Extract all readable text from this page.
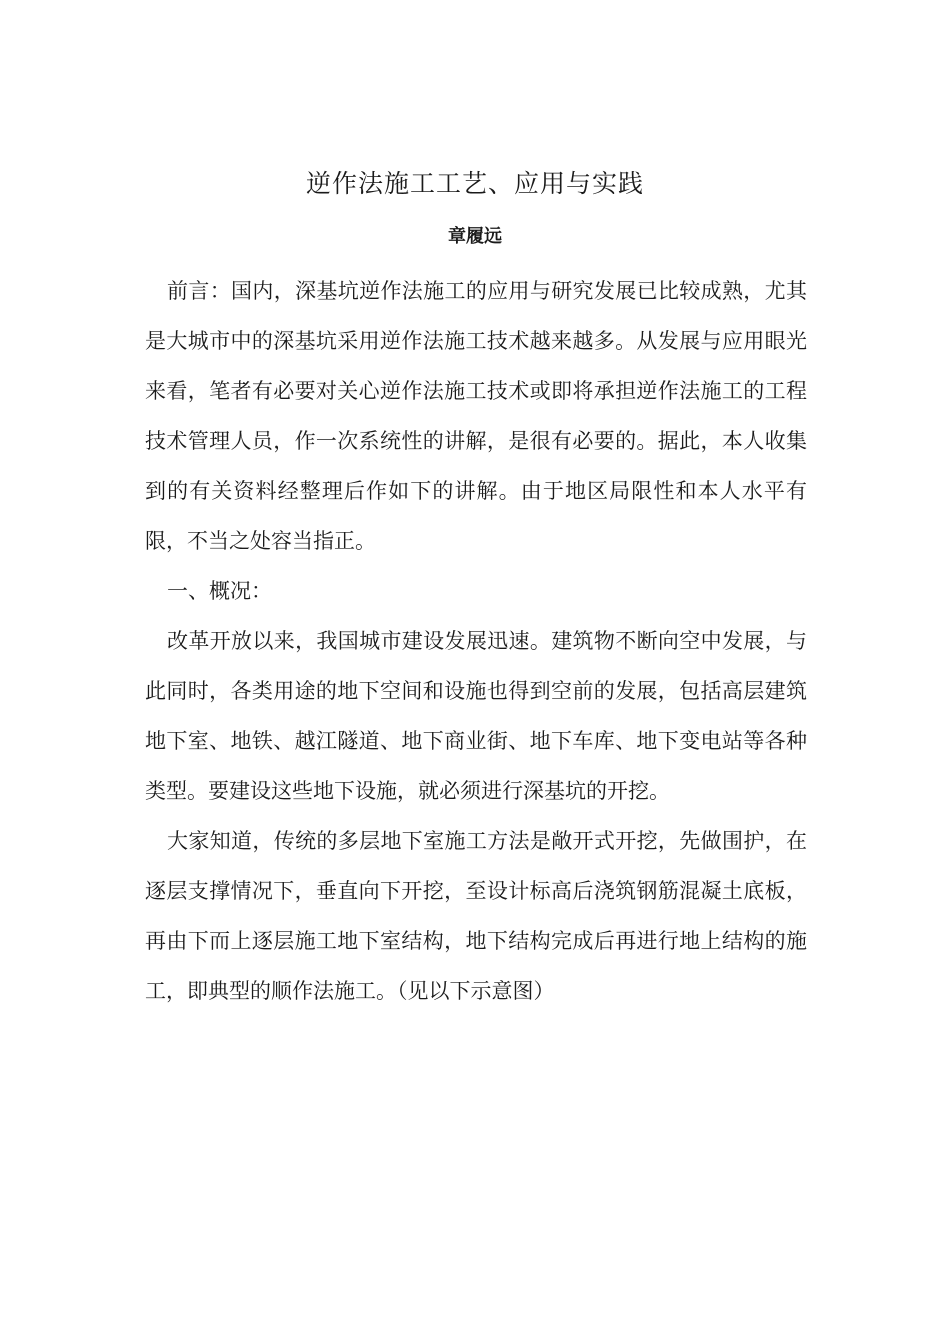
逆作法施工工艺、应用与实践
章履远

前言：国内，深基坑逆作法施工的应用与研究发展已比较成熟，尤其是大城市中的深基坑采用逆作法施工技术越来越多。从发展与应用眼光来看，笔者有必要对关心逆作法施工技术或即将承担逆作法施工的工程技术管理人员，作一次系统性的讲解，是很有必要的。据此，本人收集到的有关资料经整理后作如下的讲解。由于地区局限性和本人水平有限，不当之处容当指正。

一、概况：

改革开放以来，我国城市建设发展迅速。建筑物不断向空中发展，与此同时，各类用途的地下空间和设施也得到空前的发展，包括高层建筑地下室、地铁、越江隧道、地下商业街、地下车库、地下变电站等各种类型。要建设这些地下设施，就必须进行深基坑的开挖。

大家知道，传统的多层地下室施工方法是敞开式开挖，先做围护，在逐层支撑情况下，垂直向下开挖，至设计标高后浇筑钢筋混凝土底板，再由下而上逐层施工地下室结构，地下结构完成后再进行地上结构的施工，即典型的顺作法施工。（见以下示意图）
